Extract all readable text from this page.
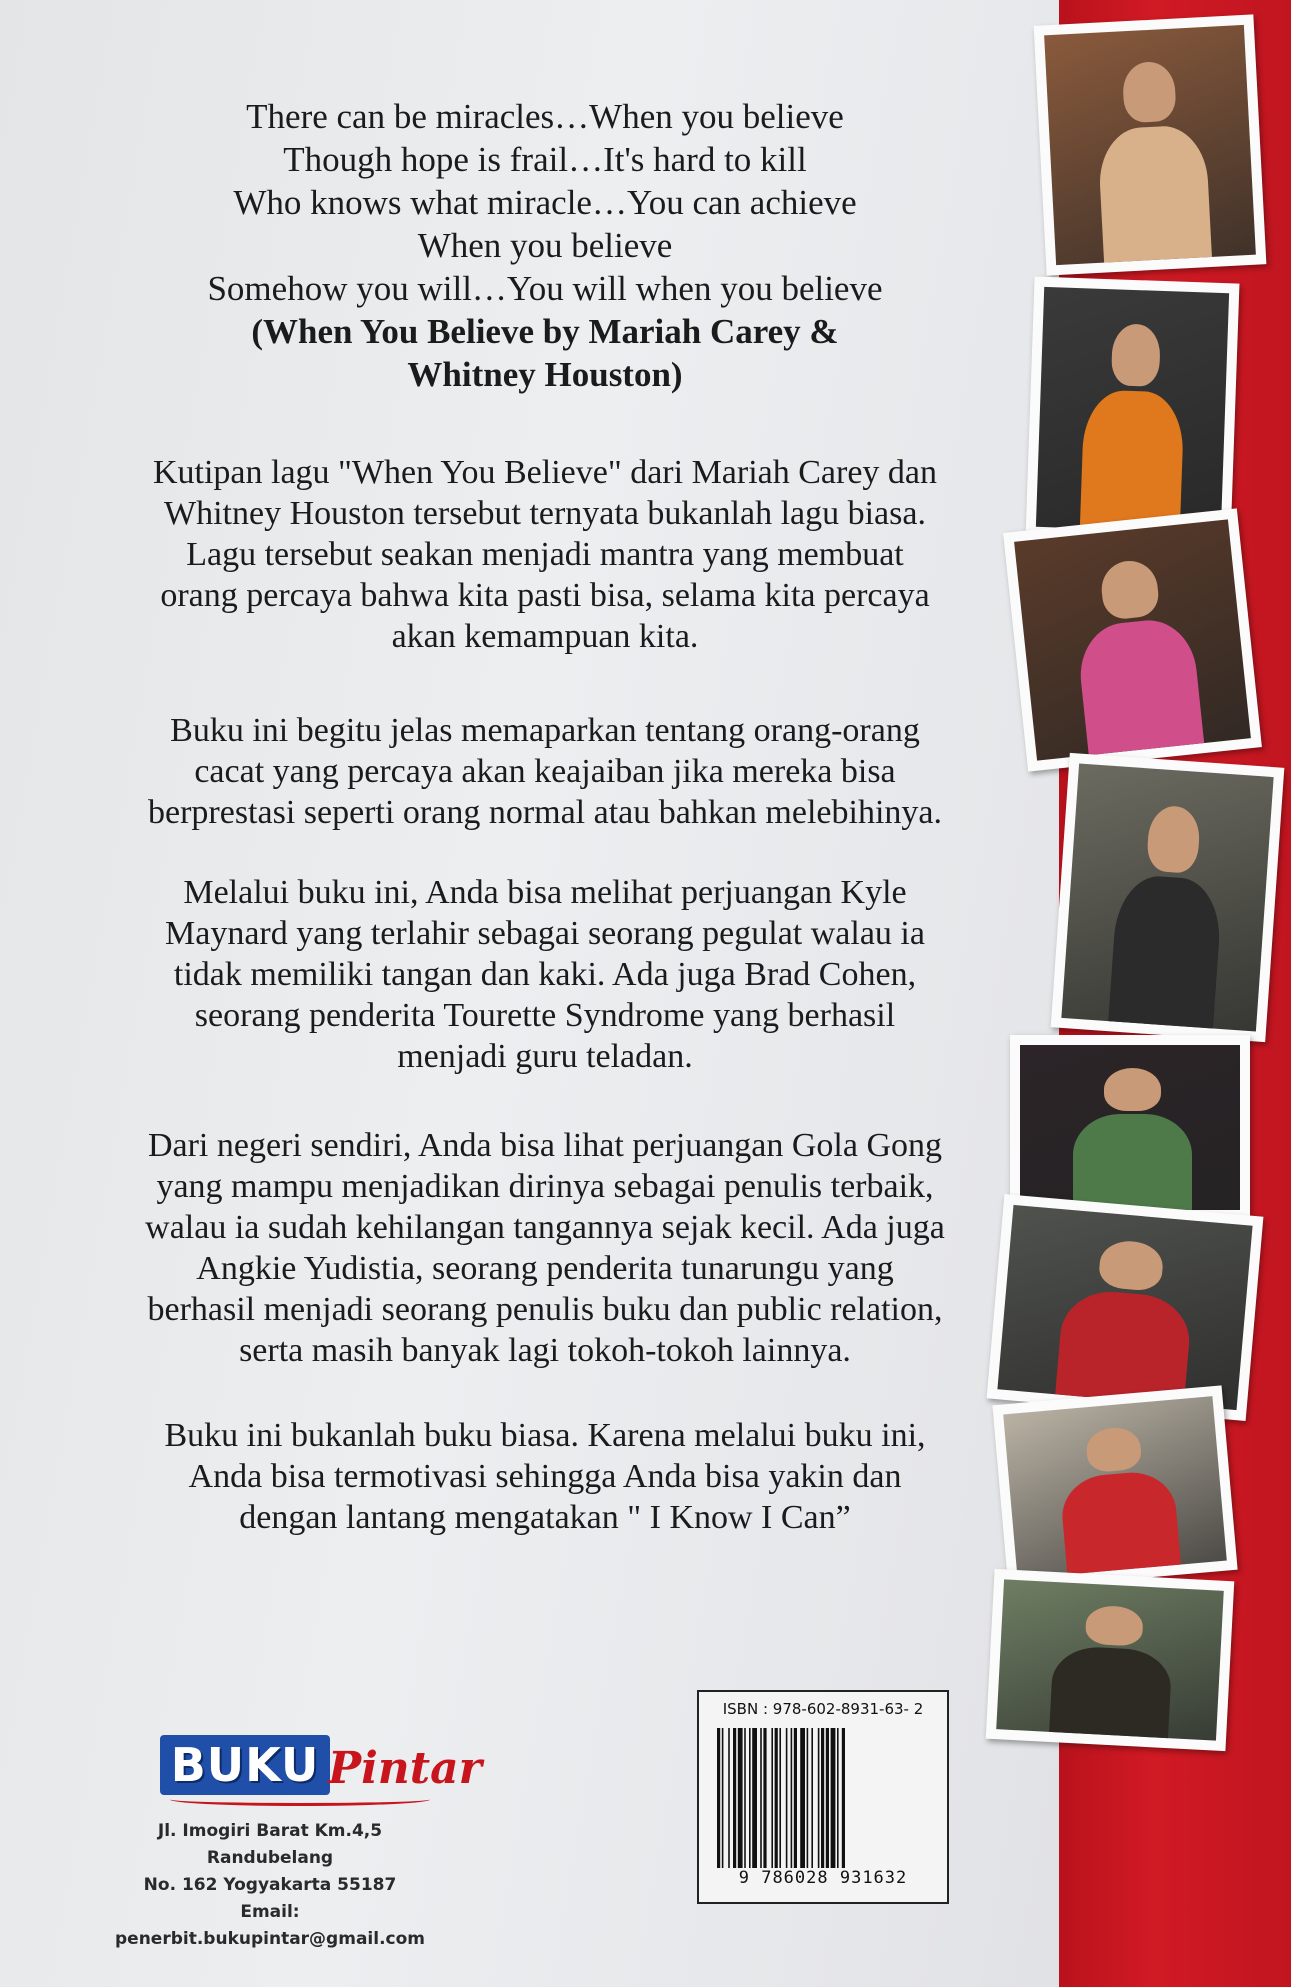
There can be miracles…When you believe
Though hope is frail…It's hard to kill
Who knows what miracle…You can achieve
When you believe
Somehow you will…You will when you believe
(When You Believe by Mariah Carey &
Whitney Houston)
Kutipan lagu "When You Believe" dari Mariah Carey dan
Whitney Houston tersebut ternyata bukanlah lagu biasa.
Lagu tersebut seakan menjadi mantra yang membuat
orang percaya bahwa kita pasti bisa, selama kita percaya
akan kemampuan kita.
Buku ini begitu jelas memaparkan tentang orang-orang
cacat yang percaya akan keajaiban jika mereka bisa
berprestasi seperti orang normal atau bahkan melebihinya.
Melalui buku ini, Anda bisa melihat perjuangan Kyle
Maynard yang terlahir sebagai seorang pegulat walau ia
tidak memiliki tangan dan kaki. Ada juga Brad Cohen,
seorang penderita Tourette Syndrome yang berhasil
menjadi guru teladan.
Dari negeri sendiri, Anda bisa lihat perjuangan Gola Gong
yang mampu menjadikan dirinya sebagai penulis terbaik,
walau ia sudah kehilangan tangannya sejak kecil. Ada juga
Angkie Yudistia, seorang penderita tunarungu yang
berhasil menjadi seorang penulis buku dan public relation,
serta masih banyak lagi tokoh-tokoh lainnya.
Buku ini bukanlah buku biasa. Karena melalui buku ini,
Anda bisa termotivasi sehingga Anda bisa yakin dan
dengan lantang mengatakan " I Know I Can”
BUKU Pintar
Jl. Imogiri Barat Km.4,5 Randubelang
No. 162 Yogyakarta 55187
Email: penerbit.bukupintar@gmail.com
ISBN : 978-602-8931-63- 2
9 786028 931632
